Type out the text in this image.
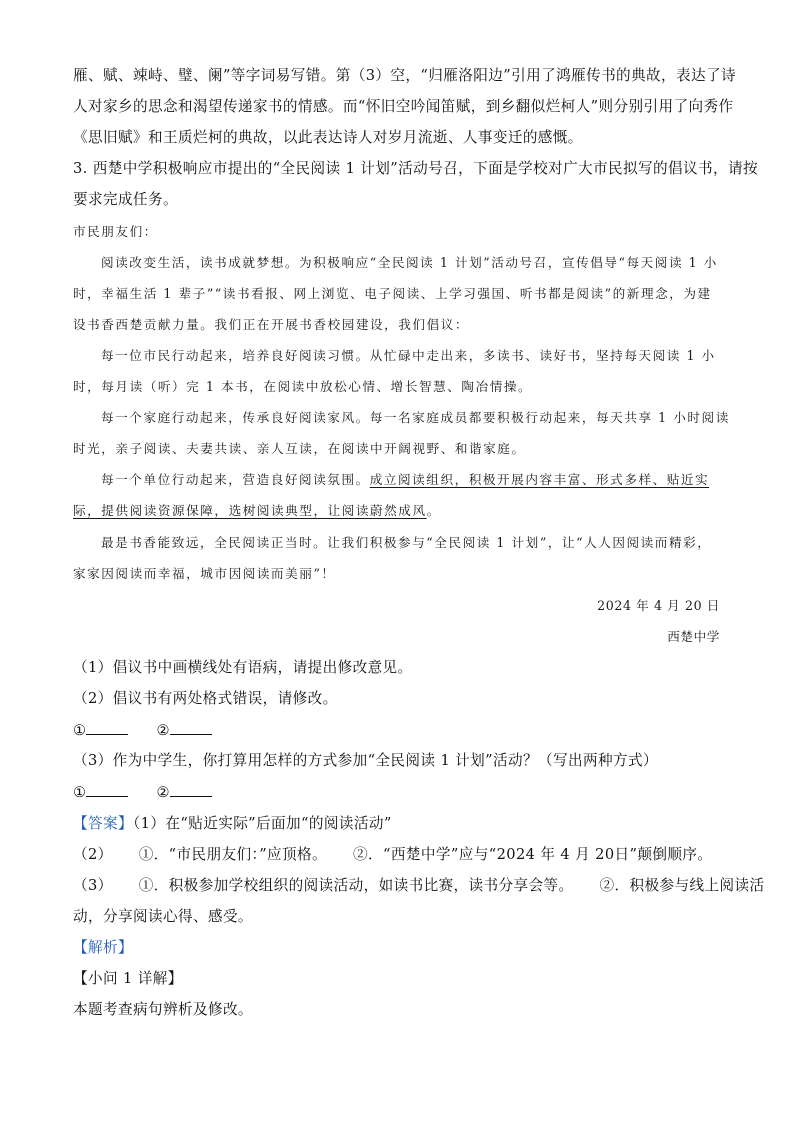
雁、赋、竦峙、璧、阑”等字词易写错。第（3）空，“归雁洛阳边”引用了鸿雁传书的典故，表达了诗

人对家乡的思念和渴望传递家书的情感。而“怀旧空吟闻笛赋，到乡翻似烂柯人”则分别引用了向秀作

《思旧赋》和王质烂柯的典故，以此表达诗人对岁月流逝、人事变迁的感慨。

3. 西楚中学积极响应市提出的“全民阅读 1 计划”活动号召，下面是学校对广大市民拟写的倡议书，请按

要求完成任务。

市民朋友们：

阅读改变生活，读书成就梦想。为积极响应“全民阅读 1 计划”活动号召，宣传倡导“每天阅读 1 小

时，幸福生活 1 辈子”“读书看报、网上浏览、电子阅读、上学习强国、听书都是阅读”的新理念，为建

设书香西楚贡献力量。我们正在开展书香校园建设，我们倡议：

每一位市民行动起来，培养良好阅读习惯。从忙碌中走出来，多读书、读好书，坚持每天阅读 1 小

时，每月读（听）完 1 本书，在阅读中放松心情、增长智慧、陶冶情操。

每一个家庭行动起来，传承良好阅读家风。每一名家庭成员都要积极行动起来，每天共享 1 小时阅读

时光，亲子阅读、夫妻共读、亲人互读，在阅读中开阔视野、和谐家庭。

每一个单位行动起来，营造良好阅读氛围。成立阅读组织，积极开展内容丰富、形式多样、贴近实

际，提供阅读资源保障，选树阅读典型，让阅读蔚然成风。

最是书香能致远，全民阅读正当时。让我们积极参与“全民阅读 1 计划”，让“人人因阅读而精彩，

家家因阅读而幸福，城市因阅读而美丽”！

2024 年 4 月 20 日

西楚中学

（1）倡议书中画横线处有语病，请提出修改意见。

（2）倡议书有两处格式错误，请修改。

①	②

（3）作为中学生，你打算用怎样的方式参加“全民阅读 1 计划”活动？（写出两种方式）

①	②

【答案】（1）在“贴近实际”后面加“的阅读活动”

（2） ①．“市民朋友们：”应顶格。 ②．“西楚中学”应与“2024 年 4 月 20日”颠倒顺序。

（3） ①．积极参加学校组织的阅读活动，如读书比赛，读书分享会等。 ②．积极参与线上阅读活

动，分享阅读心得、感受。

【解析】

【小问 1 详解】

本题考查病句辨析及修改。
